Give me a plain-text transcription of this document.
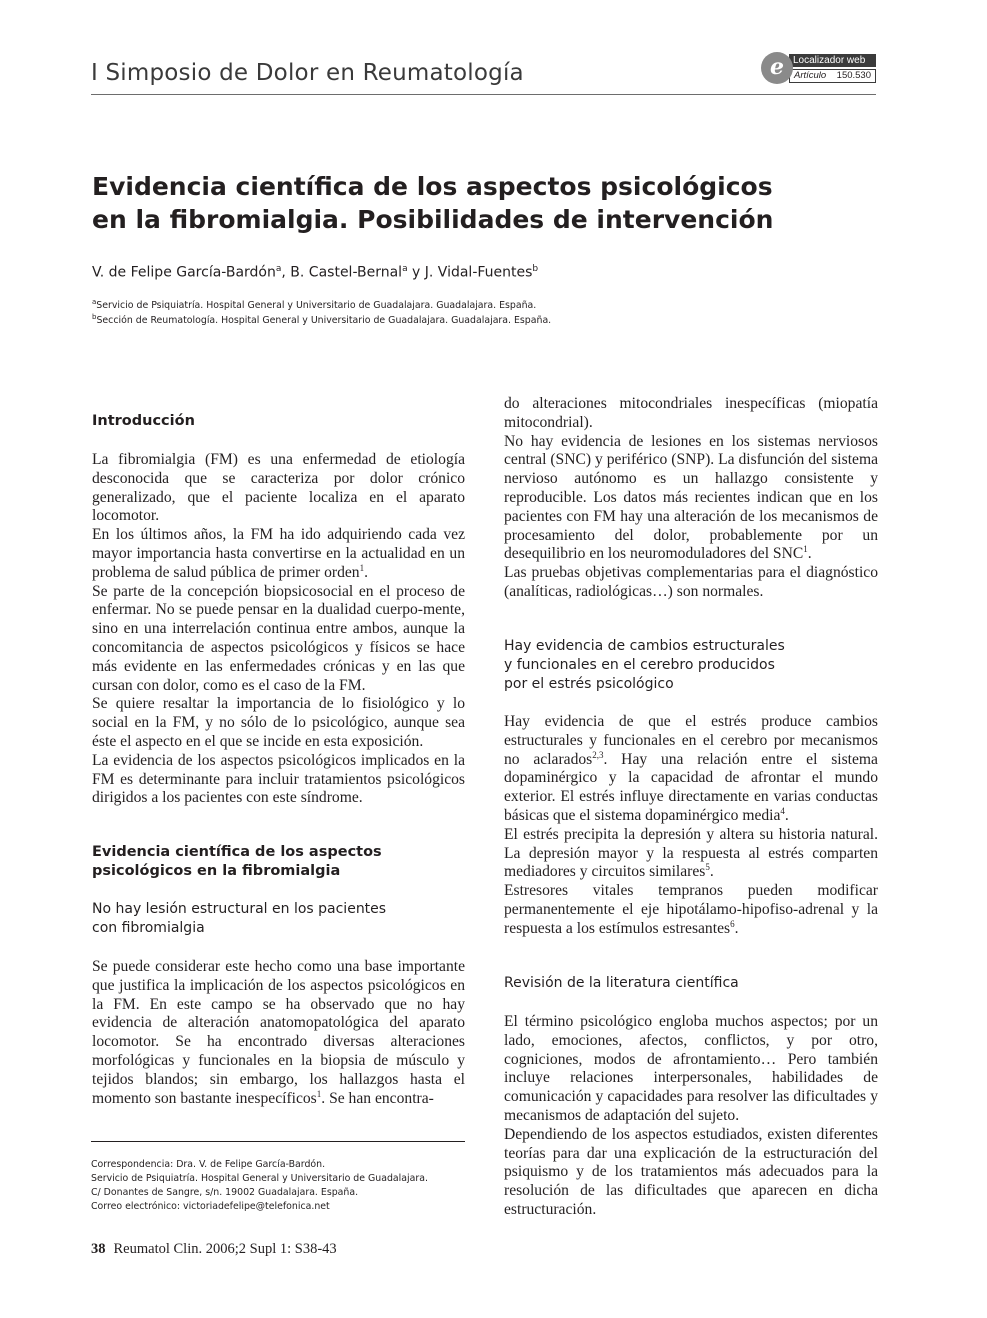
I Simposio de Dolor en Reumatología	Localizador web
Artículo 150.530
e
Evidencia científica de los aspectos psicológicos
en la fibromialgia. Posibilidades de intervención
V. de Felipe García-Bardón$^a$, B. Castel-Bernal$^a$ y J. Vidal-Fuentes$^b$
$^a$Servicio de Psiquiatría. Hospital General y Universitario de Guadalajara. Guadalajara. España.
$^b$Sección de Reumatología. Hospital General y Universitario de Guadalajara. Guadalajara. España.
Introducción

La fibromialgia (FM) es una enfermedad de etiología desconocida que se caracteriza por dolor crónico generalizado, que el paciente localiza en el aparato locomotor.

En los últimos años, la FM ha ido adquiriendo cada vez mayor importancia hasta convertirse en la actualidad en un problema de salud pública de primer orden$^1$.

Se parte de la concepción biopsicosocial en el proceso de enfermar. No se puede pensar en la dualidad cuerpo-mente, sino en una interrelación continua entre ambos, aunque la concomitancia de aspectos psicológicos y físicos se hace más evidente en las enfermedades crónicas y en las que cursan con dolor, como es el caso de la FM.

Se quiere resaltar la importancia de lo fisiológico y lo social en la FM, y no sólo de lo psicológico, aunque sea éste el aspecto en el que se incide en esta exposición.

La evidencia de los aspectos psicológicos implicados en la FM es determinante para incluir tratamientos psicológicos dirigidos a los pacientes con este síndrome.

Evidencia científica de los aspectos
psicológicos en la fibromialgia
No hay lesión estructural en los pacientes
con fibromialgia

Se puede considerar este hecho como una base importante que justifica la implicación de los aspectos psicológicos en la FM. En este campo se ha observado que no hay evidencia de alteración anatomopatológica del aparato locomotor. Se ha encontrado diversas alteraciones morfológicas y funcionales en la biopsia de músculo y tejidos blandos; sin embargo, los hallazgos hasta el momento son bastante inespecíficos$^1$. Se han encontra-

Correspondencia: Dra. V. de Felipe García-Bardón.
Servicio de Psiquiatría. Hospital General y Universitario de Guadalajara.
C/ Donantes de Sangre, s/n. 19002 Guadalajara. España.
Correo electrónico: victoriadefelipe@telefonica.net
38 Reumatol Clin. 2006;2 Supl 1: S38-43

do alteraciones mitocondriales inespecíficas (miopatía mitocondrial).

No hay evidencia de lesiones en los sistemas nerviosos central (SNC) y periférico (SNP). La disfunción del sistema nervioso autónomo es un hallazgo consistente y reproducible. Los datos más recientes indican que en los pacientes con FM hay una alteración de los mecanismos de procesamiento del dolor, probablemente por un desequilibrio en los neuromoduladores del SNC$^1$.

Las pruebas objetivas complementarias para el diagnóstico (analíticas, radiológicas…) son normales.

Hay evidencia de cambios estructurales
y funcionales en el cerebro producidos
por el estrés psicológico

Hay evidencia de que el estrés produce cambios estructurales y funcionales en el cerebro por mecanismos no aclarados$^{2,3}$. Hay una relación entre el sistema dopaminérgico y la capacidad de afrontar el mundo exterior. El estrés influye directamente en varias conductas básicas que el sistema dopaminérgico media$^4$.

El estrés precipita la depresión y altera su historia natural. La depresión mayor y la respuesta al estrés comparten mediadores y circuitos similares$^5$.

Estresores vitales tempranos pueden modificar permanentemente el eje hipotálamo-hipofiso-adrenal y la respuesta a los estímulos estresantes$^6$.

Revisión de la literatura científica

El término psicológico engloba muchos aspectos; por un lado, emociones, afectos, conflictos, y por otro, cogniciones, modos de afrontamiento… Pero también incluye relaciones interpersonales, habilidades de comunicación y capacidades para resolver las dificultades y mecanismos de adaptación del sujeto.

Dependiendo de los aspectos estudiados, existen diferentes teorías para dar una explicación de la estructuración del psiquismo y de los tratamientos más adecuados para la resolución de las dificultades que aparecen en dicha estructuración.
